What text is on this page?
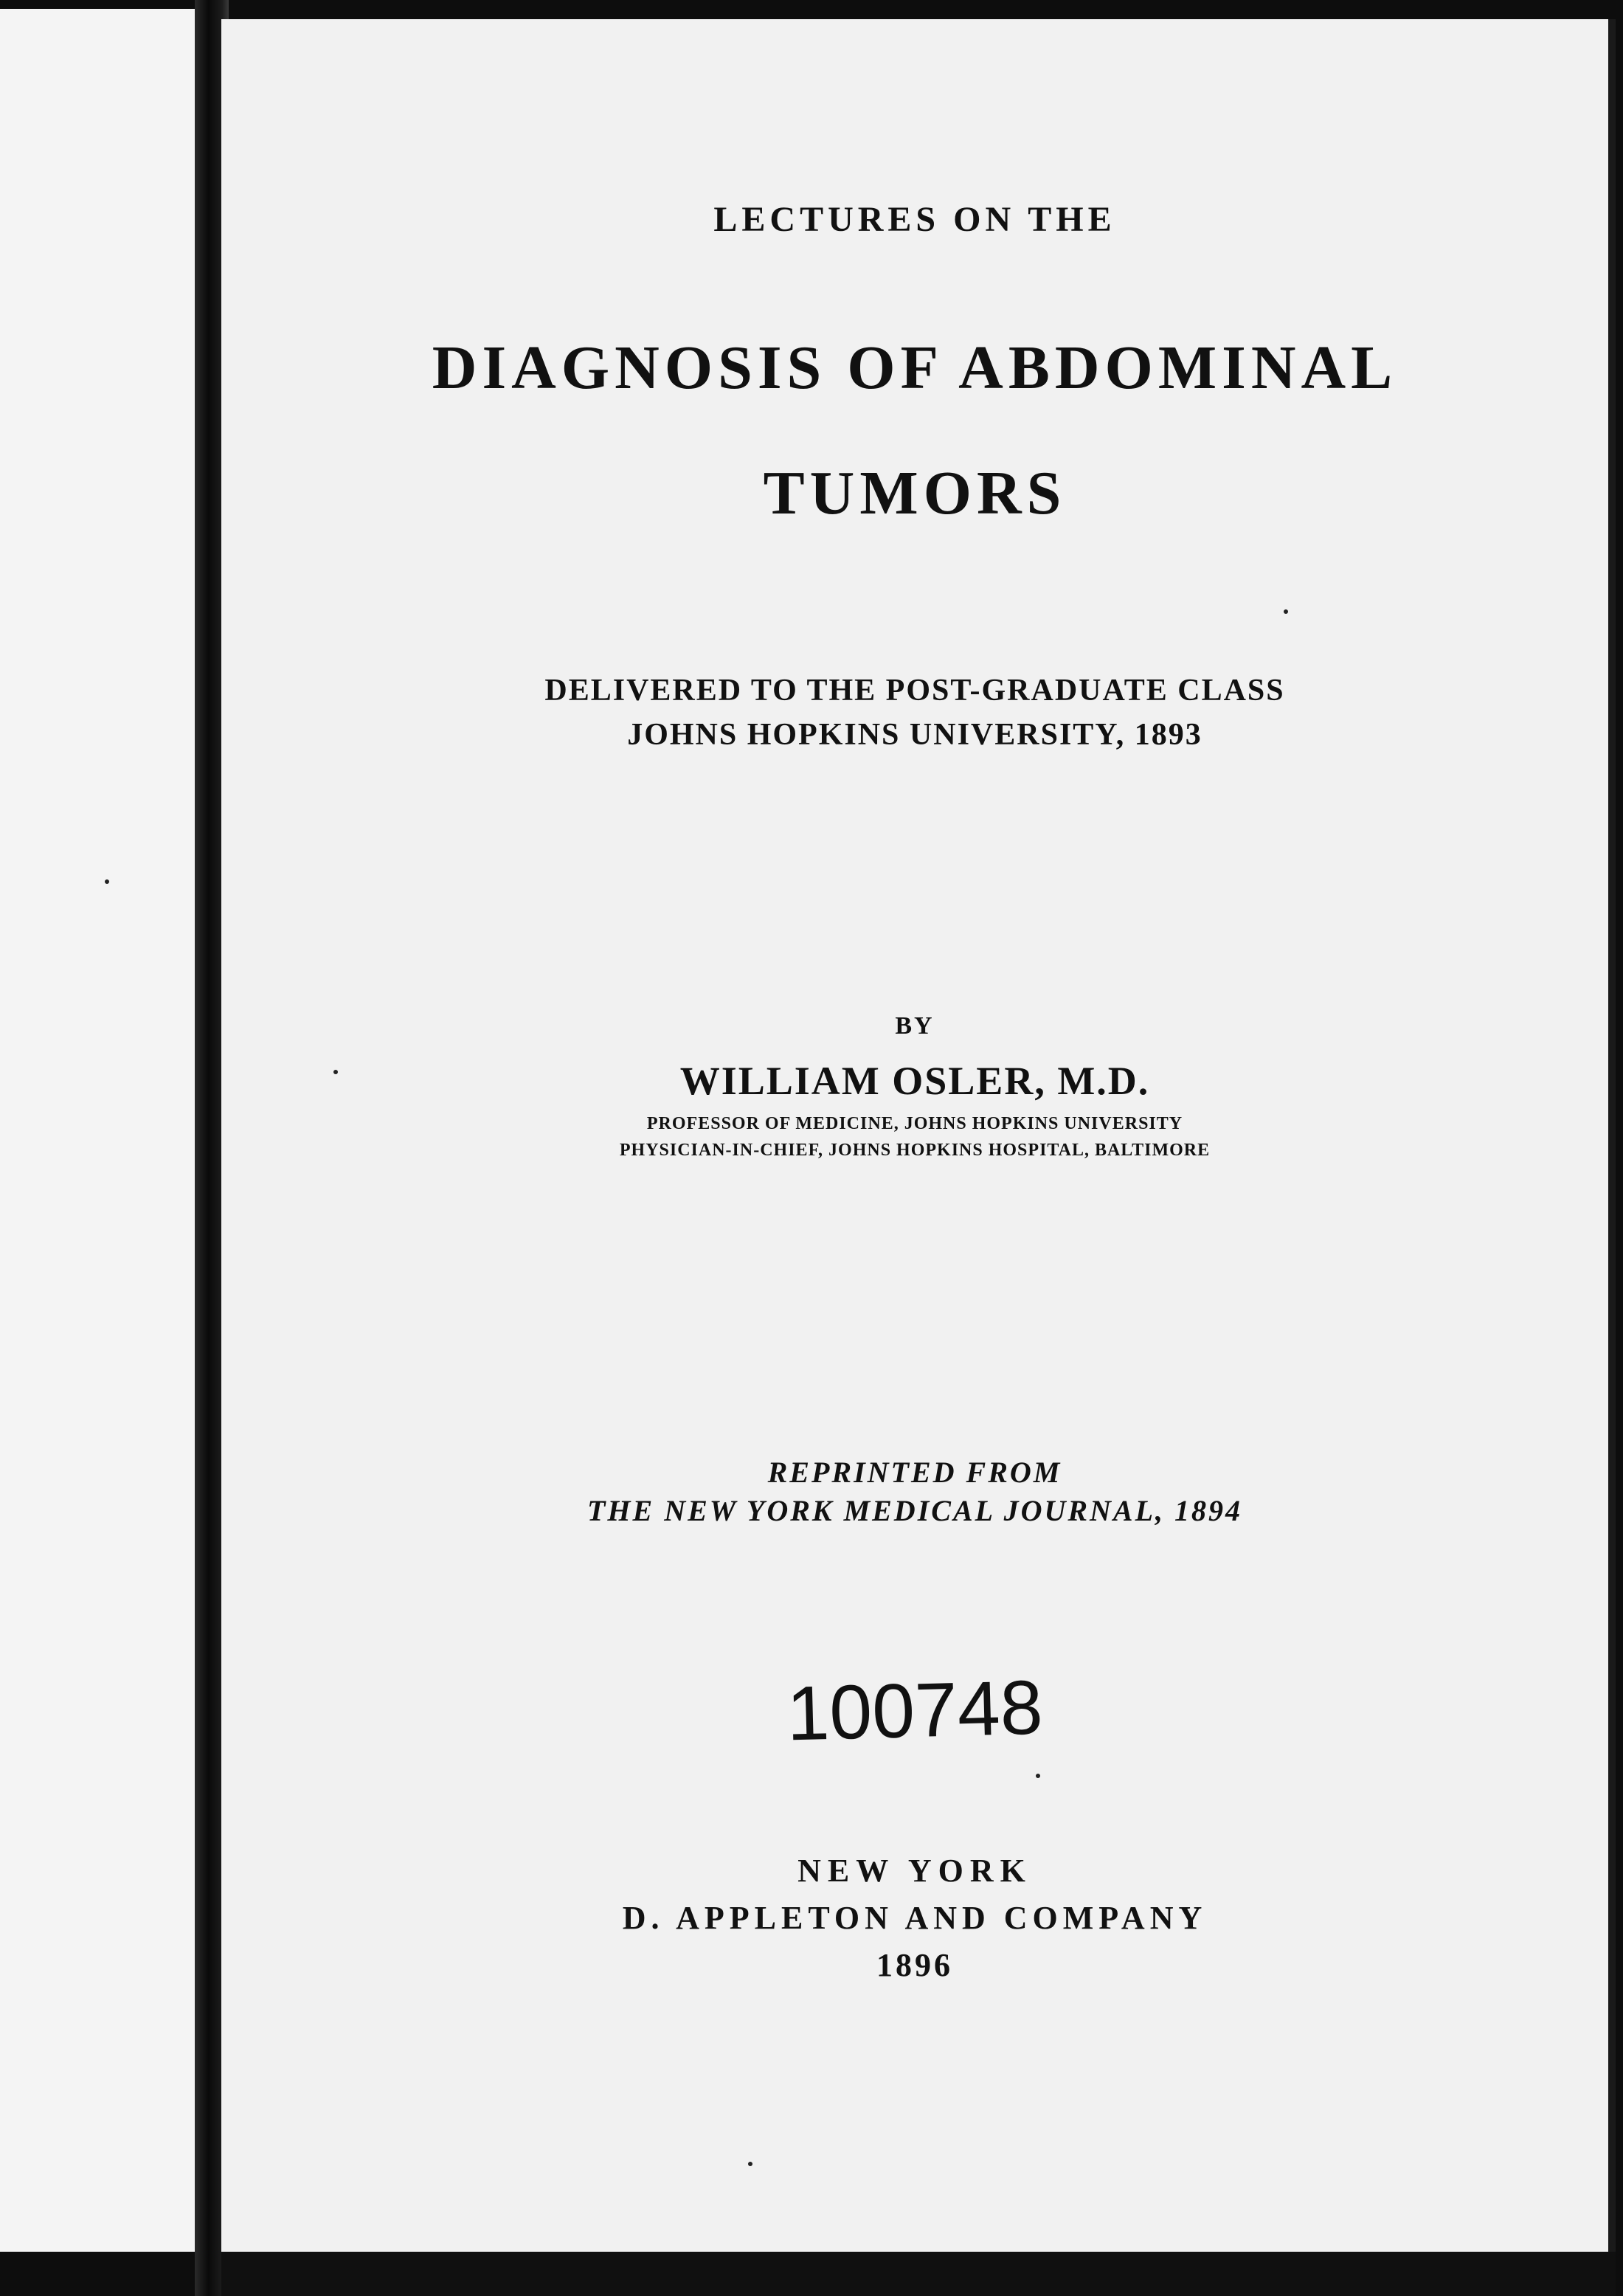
LECTURES ON THE
DIAGNOSIS OF ABDOMINAL
TUMORS
DELIVERED TO THE POST-GRADUATE CLASS
JOHNS HOPKINS UNIVERSITY, 1893
BY
WILLIAM OSLER, M.D.
PROFESSOR OF MEDICINE, JOHNS HOPKINS UNIVERSITY
PHYSICIAN-IN-CHIEF, JOHNS HOPKINS HOSPITAL, BALTIMORE
REPRINTED FROM
THE NEW YORK MEDICAL JOURNAL, 1894
100748
NEW YORK
D. APPLETON AND COMPANY
1896
